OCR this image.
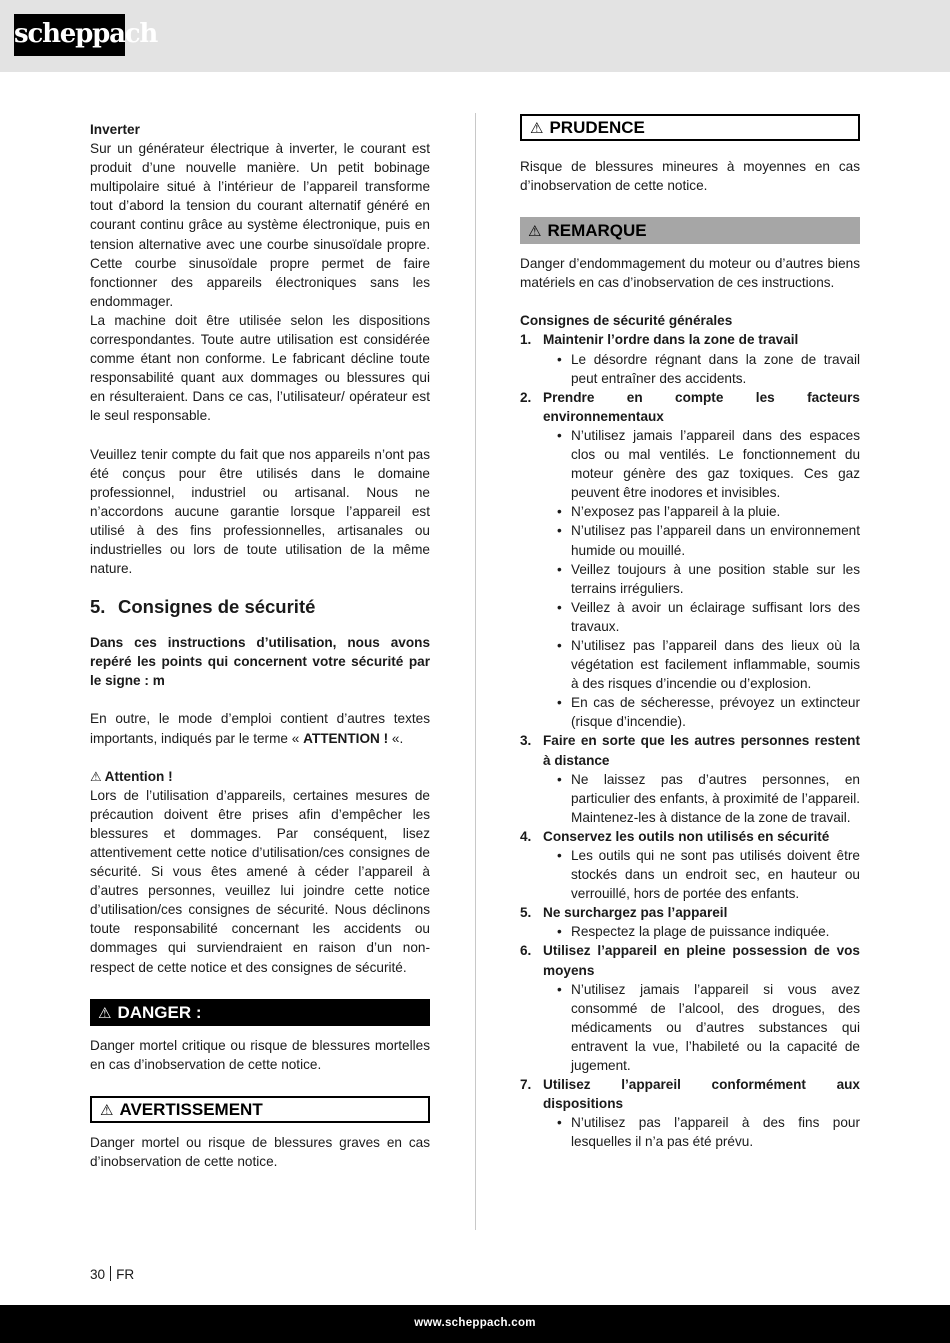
scheppach

Inverter

Sur un générateur électrique à inverter, le courant est produit d’une nouvelle manière. Un petit bobinage multipolaire situé à l’intérieur de l’appareil transforme tout d’abord la tension du courant alternatif généré en courant continu grâce au système électronique, puis en tension alternative avec une courbe sinusoïdale propre. Cette courbe sinusoïdale propre permet de faire fonctionner des appareils électroniques sans les endommager.

La machine doit être utilisée selon les dispositions correspondantes. Toute autre utilisation est considérée comme étant non conforme. Le fabricant décline toute responsabilité quant aux dommages ou blessures qui en résulteraient. Dans ce cas, l’utilisateur/ opérateur est le seul responsable.

Veuillez tenir compte du fait que nos appareils n’ont pas été conçus pour être utilisés dans le domaine professionnel, industriel ou artisanal. Nous ne n’accordons aucune garantie lorsque l’appareil est utilisé à des fins professionnelles, artisanales ou industrielles ou lors de toute utilisation de la même nature.

5. Consignes de sécurité

Dans ces instructions d’utilisation, nous avons repéré les points qui concernent votre sécurité par le signe : m

En outre, le mode d’emploi contient d’autres textes importants, indiqués par le terme « ATTENTION ! «.

⚠ Attention !

Lors de l’utilisation d’appareils, certaines mesures de précaution doivent être prises afin d’empêcher les blessures et dommages. Par conséquent, lisez attentivement cette notice d’utilisation/ces consignes de sécurité. Si vous êtes amené à céder l’appareil à d’autres personnes, veuillez lui joindre cette notice d’utilisation/ces consignes de sécurité. Nous déclinons toute responsabilité concernant les accidents ou dommages qui surviendraient en raison d’un non-respect de cette notice et des consignes de sécurité.

⚠ DANGER :

Danger mortel critique ou risque de blessures mortelles en cas d’inobservation de cette notice.

⚠ AVERTISSEMENT

Danger mortel ou risque de blessures graves en cas d’inobservation de cette notice.

⚠ PRUDENCE

Risque de blessures mineures à moyennes en cas d’inobservation de cette notice.

⚠ REMARQUE

Danger d’endommagement du moteur ou d’autres biens matériels en cas d’inobservation de ces instructions.

Consignes de sécurité générales

1. Maintenir l’ordre dans la zone de travail
• Le désordre régnant dans la zone de travail peut entraîner des accidents.
2. Prendre en compte les facteurs environnementaux
• N’utilisez jamais l’appareil dans des espaces clos ou mal ventilés. Le fonctionnement du moteur génère des gaz toxiques. Ces gaz peuvent être inodores et invisibles.
• N’exposez pas l’appareil à la pluie.
• N’utilisez pas l’appareil dans un environnement humide ou mouillé.
• Veillez toujours à une position stable sur les terrains irréguliers.
• Veillez à avoir un éclairage suffisant lors des travaux.
• N’utilisez pas l’appareil dans des lieux où la végétation est facilement inflammable, soumis à des risques d’incendie ou d’explosion.
• En cas de sécheresse, prévoyez un extincteur (risque d’incendie).
3. Faire en sorte que les autres personnes restent à distance
• Ne laissez pas d’autres personnes, en particulier des enfants, à proximité de l’appareil. Maintenez-les à distance de la zone de travail.
4. Conservez les outils non utilisés en sécurité
• Les outils qui ne sont pas utilisés doivent être stockés dans un endroit sec, en hauteur ou verrouillé, hors de portée des enfants.
5. Ne surchargez pas l’appareil
• Respectez la plage de puissance indiquée.
6. Utilisez l’appareil en pleine possession de vos moyens
• N’utilisez jamais l’appareil si vous avez consommé de l’alcool, des drogues, des médicaments ou d’autres substances qui entravent la vue, l’habileté ou la capacité de jugement.
7. Utilisez l’appareil conformément aux dispositions
• N’utilisez pas l’appareil à des fins pour lesquelles il n’a pas été prévu.
30 FR
www.scheppach.com
